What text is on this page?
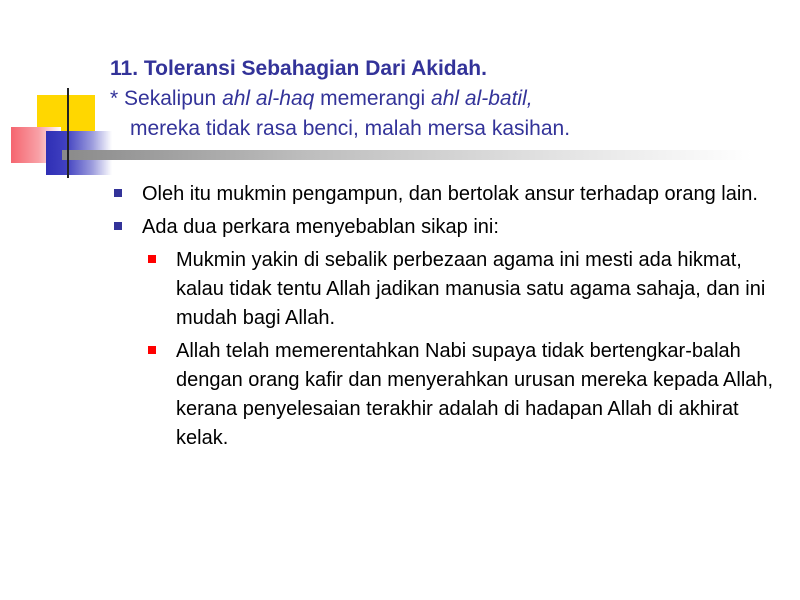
11. Toleransi Sebahagian Dari Akidah.
* Sekalipun ahl al-haq memerangi ahl al-batil,
mereka tidak rasa benci, malah mersa kasihan.
Oleh itu mukmin pengampun, dan bertolak ansur terhadap orang lain.
Ada dua perkara menyebablan sikap ini:
Mukmin yakin di sebalik perbezaan agama ini mesti ada hikmat, kalau tidak tentu Allah jadikan manusia satu agama sahaja, dan ini mudah bagi Allah.
Allah telah memerentahkan Nabi supaya tidak bertengkar-balah dengan orang kafir dan menyerahkan urusan mereka kepada Allah, kerana penyelesaian terakhir adalah di hadapan Allah di akhirat kelak.
